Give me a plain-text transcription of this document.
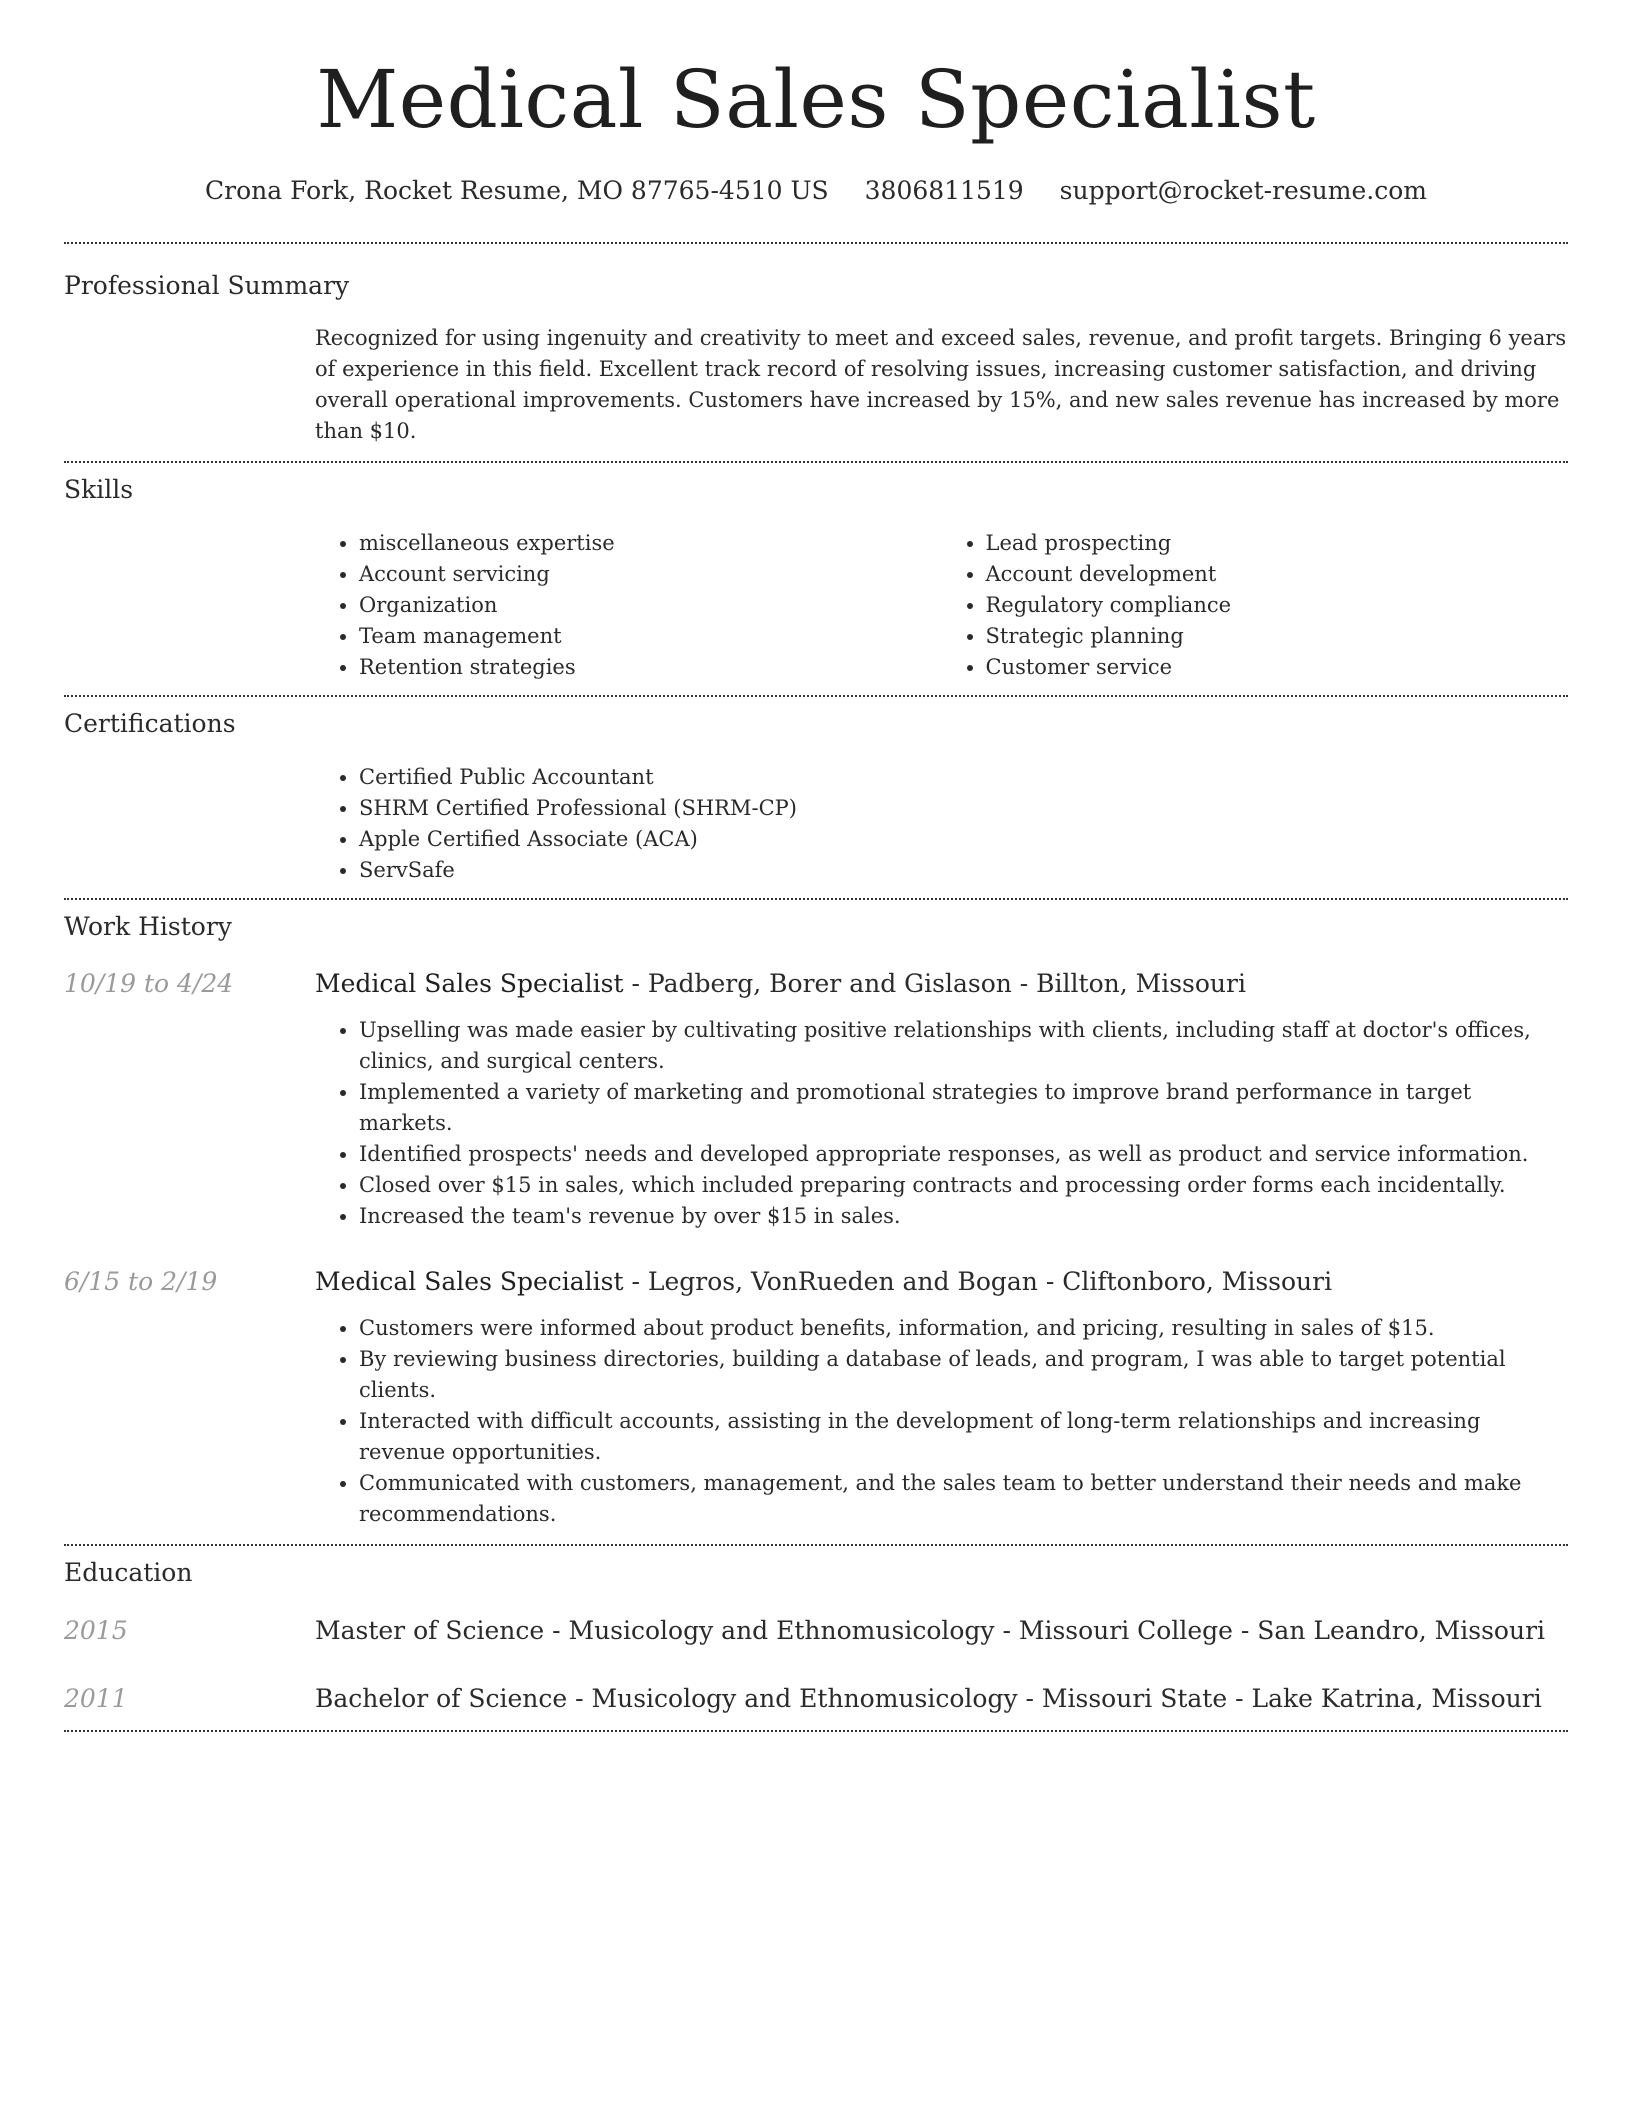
Medical Sales Specialist
Crona Fork, Rocket Resume, MO 87765-4510 US 3806811519 support@rocket-resume.com
Professional Summary

Recognized for using ingenuity and creativity to meet and exceed sales, revenue, and profit targets. Bringing 6 years of experience in this field. Excellent track record of resolving issues, increasing customer satisfaction, and driving overall operational improvements. Customers have increased by 15%, and new sales revenue has increased by more than $10.

Skills
• miscellaneous expertise
• Account servicing
• Organization
• Team management
• Retention strategies
• Lead prospecting
• Account development
• Regulatory compliance
• Strategic planning
• Customer service
Certifications
• Certified Public Accountant
• SHRM Certified Professional (SHRM-CP)
• Apple Certified Associate (ACA)
• ServSafe
Work History
10/19 to 4/24	Medical Sales Specialist - Padberg, Borer and Gislason - Billton, Missouri
• Upselling was made easier by cultivating positive relationships with clients, including staff at doctor's offices, clinics, and surgical centers.
• Implemented a variety of marketing and promotional strategies to improve brand performance in target markets.
• Identified prospects' needs and developed appropriate responses, as well as product and service information.
• Closed over $15 in sales, which included preparing contracts and processing order forms each incidentally.
• Increased the team's revenue by over $15 in sales.
6/15 to 2/19	Medical Sales Specialist - Legros, VonRueden and Bogan - Cliftonboro, Missouri
• Customers were informed about product benefits, information, and pricing, resulting in sales of $15.
• By reviewing business directories, building a database of leads, and program, I was able to target potential clients.
• Interacted with difficult accounts, assisting in the development of long-term relationships and increasing revenue opportunities.
• Communicated with customers, management, and the sales team to better understand their needs and make recommendations.
Education
2015	Master of Science - Musicology and Ethnomusicology - Missouri College - San Leandro, Missouri
2011	Bachelor of Science - Musicology and Ethnomusicology - Missouri State - Lake Katrina, Missouri
